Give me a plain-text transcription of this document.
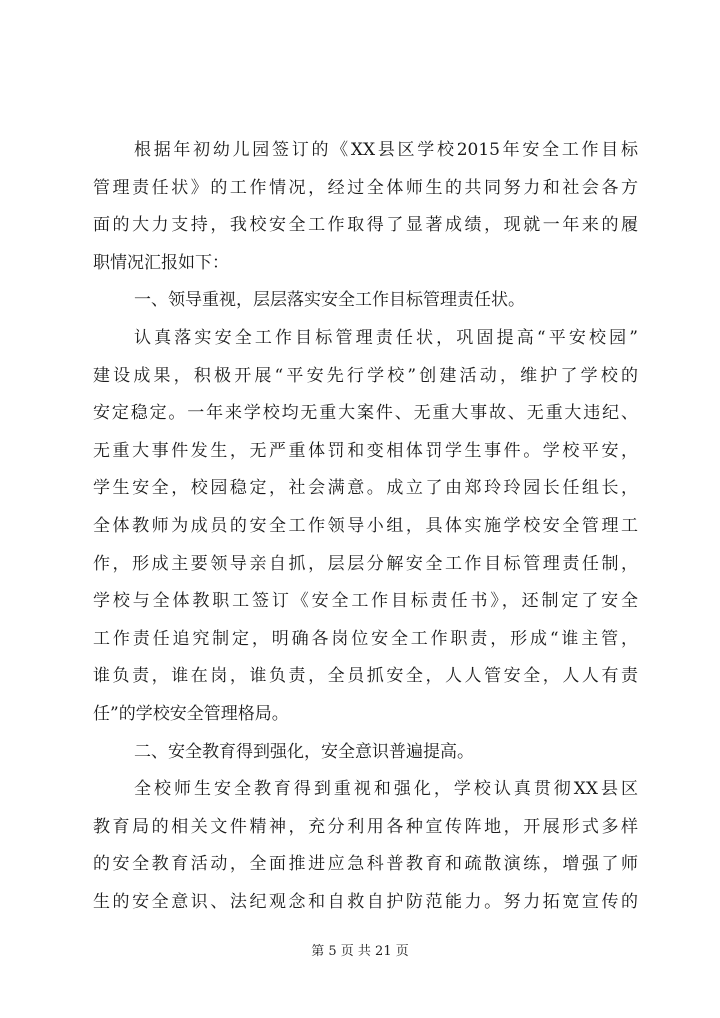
根据年初幼儿园签订的《XX县区学校2015年安全工作目标
管理责任状》的工作情况，经过全体师生的共同努力和社会各方
面的大力支持，我校安全工作取得了显著成绩，现就一年来的履
职情况汇报如下：
一、领导重视，层层落实安全工作目标管理责任状。
认真落实安全工作目标管理责任状，巩固提高“平安校园”
建设成果，积极开展“平安先行学校”创建活动，维护了学校的
安定稳定。一年来学校均无重大案件、无重大事故、无重大违纪、
无重大事件发生，无严重体罚和变相体罚学生事件。学校平安，
学生安全，校园稳定，社会满意。成立了由郑玲玲园长任组长，
全体教师为成员的安全工作领导小组，具体实施学校安全管理工
作，形成主要领导亲自抓，层层分解安全工作目标管理责任制，
学校与全体教职工签订《安全工作目标责任书》，还制定了安全
工作责任追究制定，明确各岗位安全工作职责，形成“谁主管，
谁负责，谁在岗，谁负责，全员抓安全，人人管安全，人人有责
任”的学校安全管理格局。
二、安全教育得到强化，安全意识普遍提高。
全校师生安全教育得到重视和强化，学校认真贯彻XX县区
教育局的相关文件精神，充分利用各种宣传阵地，开展形式多样
的安全教育活动，全面推进应急科普教育和疏散演练，增强了师
生的安全意识、法纪观念和自救自护防范能力。努力拓宽宣传的
第 5 页 共 21 页
